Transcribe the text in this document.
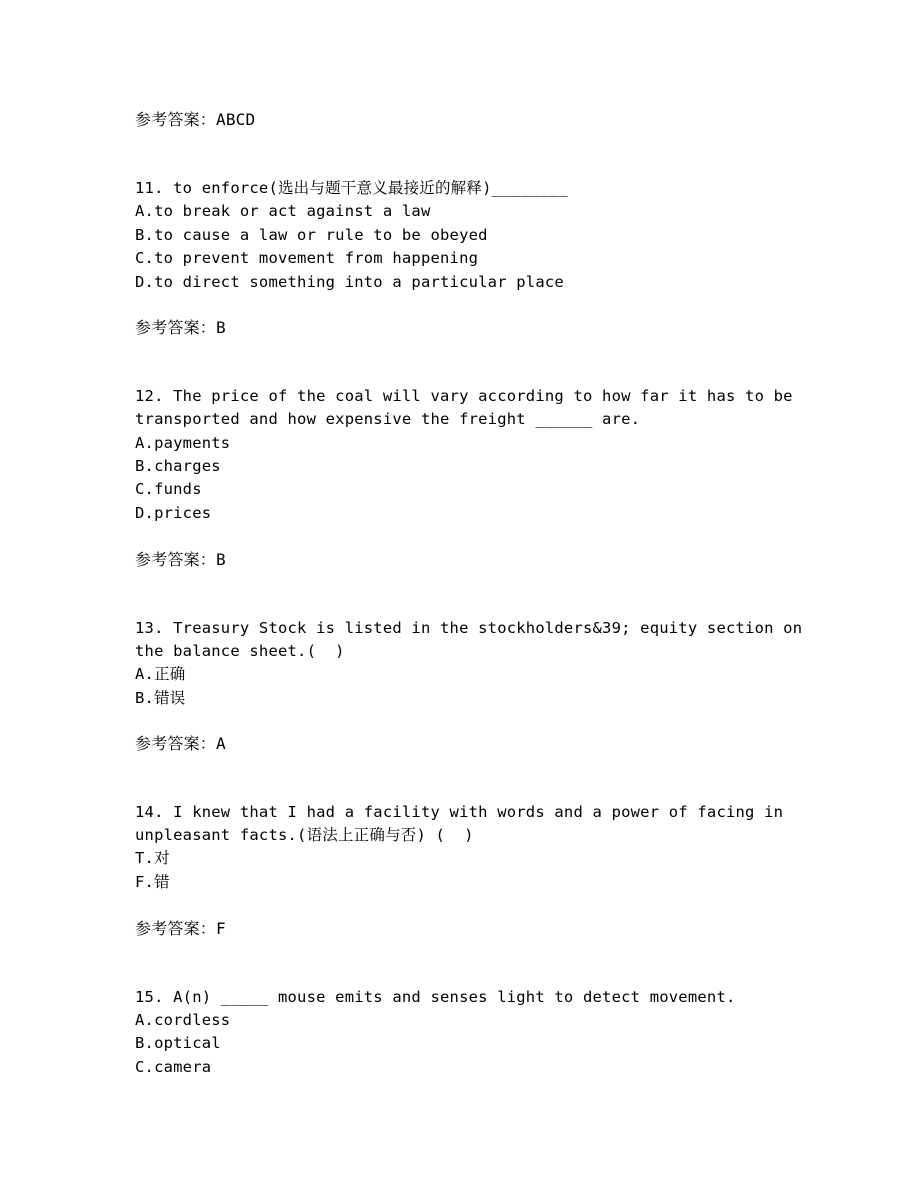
参考答案：ABCD
11. to enforce(选出与题干意义最接近的解释)________
A.to break or act against a law
B.to cause a law or rule to be obeyed
C.to prevent movement from happening
D.to direct something into a particular place
参考答案：B
12. The price of the coal will vary according to how far it has to be
transported and how expensive the freight ______ are.
A.payments
B.charges
C.funds
D.prices
参考答案：B
13. Treasury Stock is listed in the stockholders&39; equity section on
the balance sheet.(  )
A.正确
B.错误
参考答案：A
14. I knew that I had a facility with words and a power of facing in
unpleasant facts.(语法上正确与否) (  )
T.对
F.错
参考答案：F
15. A(n) _____ mouse emits and senses light to detect movement.
A.cordless
B.optical
C.camera
